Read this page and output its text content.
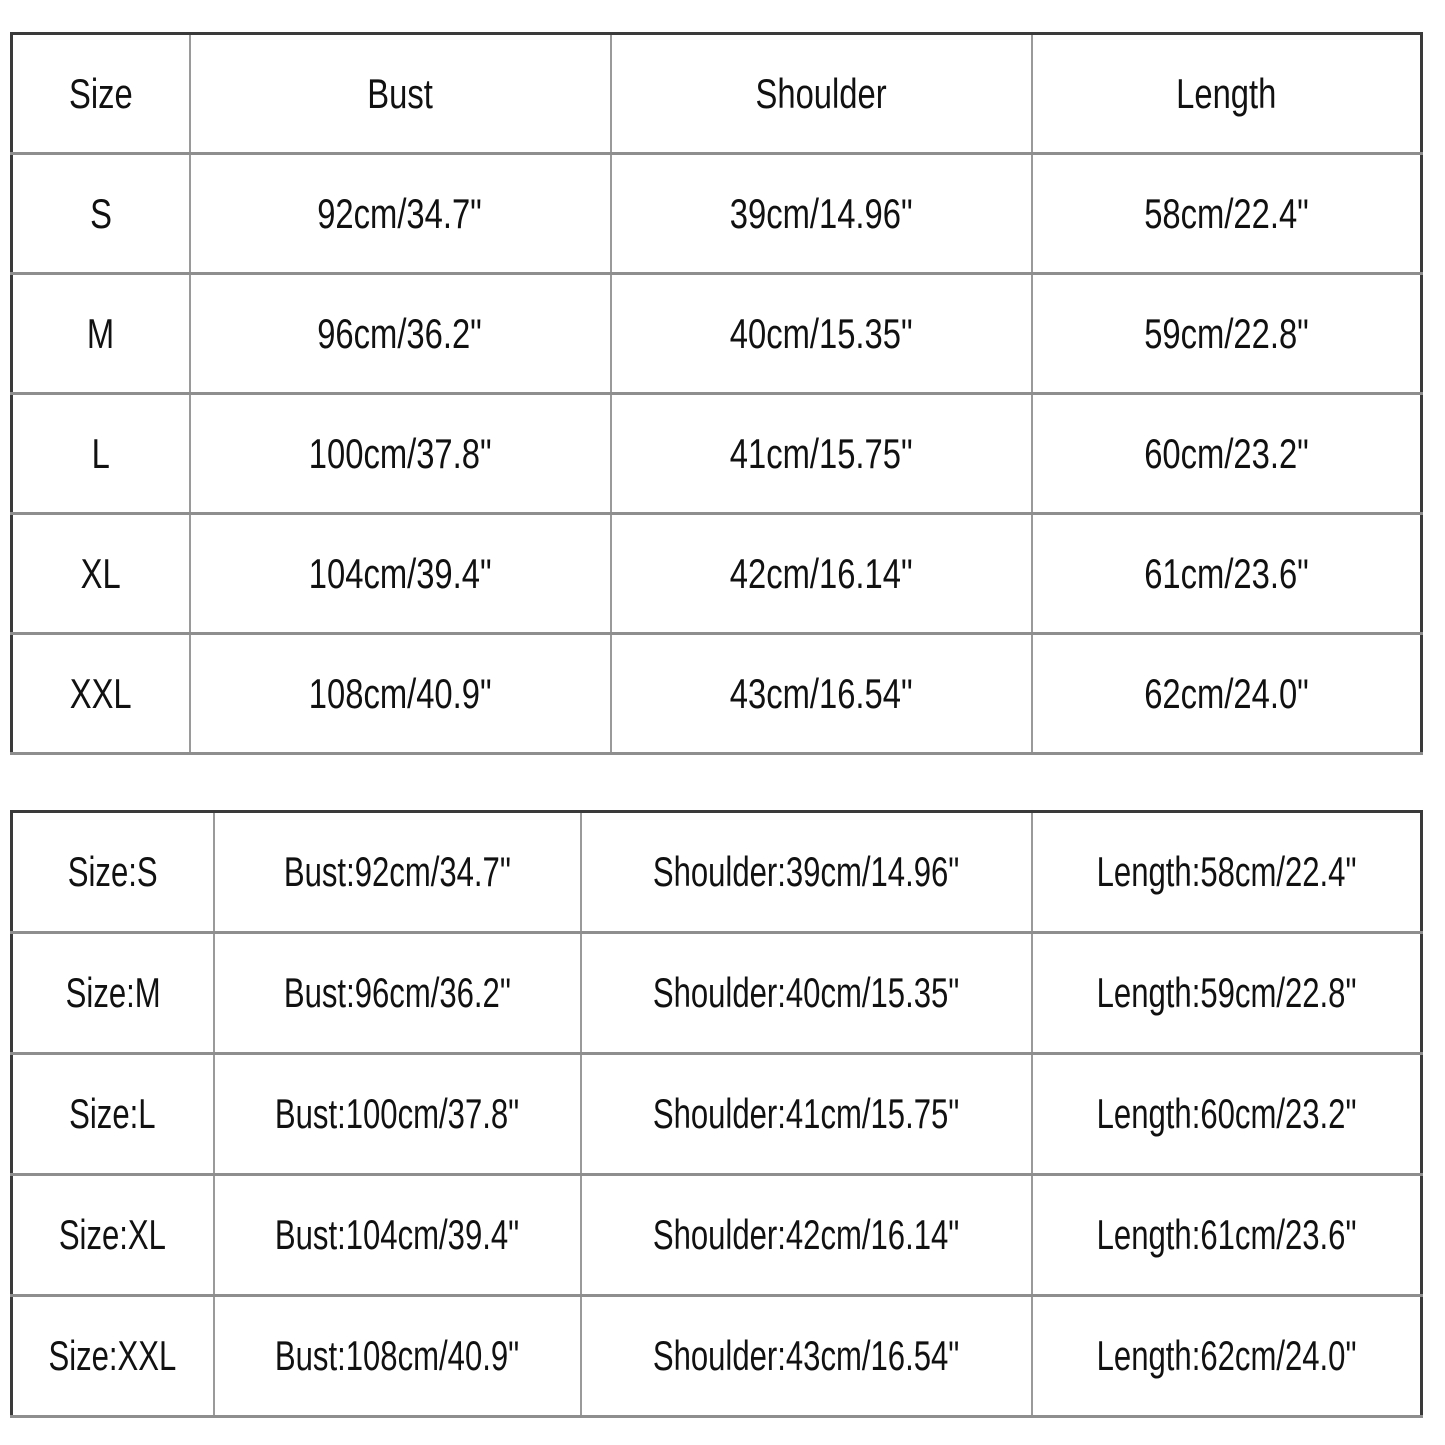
Size	Bust	Shoulder	Length
S	92cm/34.7"	39cm/14.96"	58cm/22.4"
M	96cm/36.2"	40cm/15.35"	59cm/22.8"
L	100cm/37.8"	41cm/15.75"	60cm/23.2"
XL	104cm/39.4"	42cm/16.14"	61cm/23.6"
XXL	108cm/40.9"	43cm/16.54"	62cm/24.0"
Size:S	Bust:92cm/34.7"	Shoulder:39cm/14.96"	Length:58cm/22.4"
Size:M	Bust:96cm/36.2"	Shoulder:40cm/15.35"	Length:59cm/22.8"
Size:L	Bust:100cm/37.8"	Shoulder:41cm/15.75"	Length:60cm/23.2"
Size:XL	Bust:104cm/39.4"	Shoulder:42cm/16.14"	Length:61cm/23.6"
Size:XXL	Bust:108cm/40.9"	Shoulder:43cm/16.54"	Length:62cm/24.0"
